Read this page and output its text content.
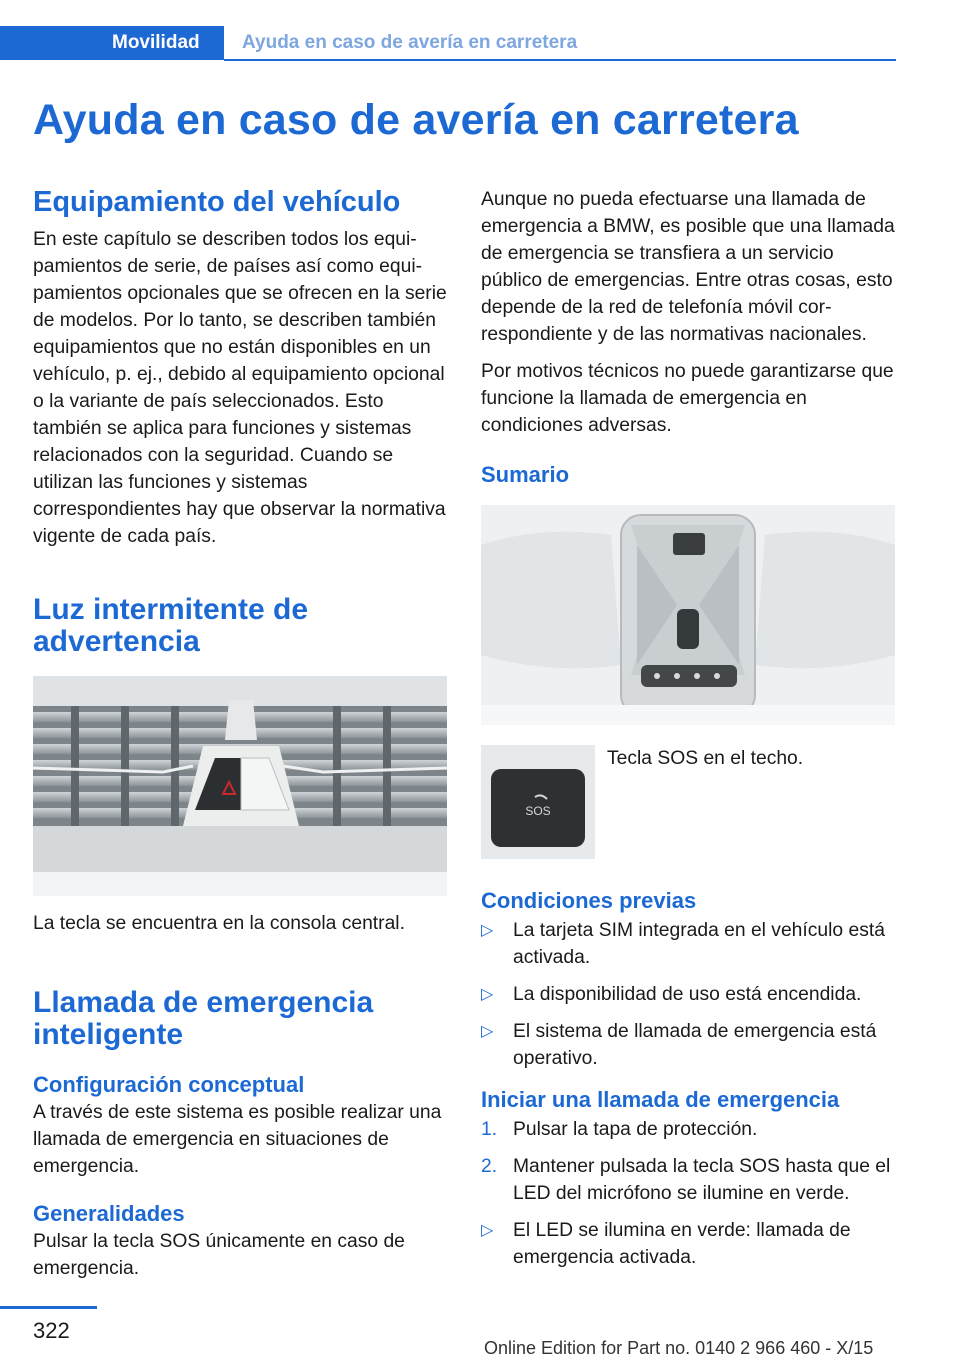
Movilidad	Ayuda en caso de avería en carretera
Ayuda en caso de avería en carretera
Equipamiento del vehículo

En este capítulo se describen todos los equipamientos de serie, de países así como equipamientos opcionales que se ofrecen en la serie de modelos. Por lo tanto, se describen también equipamientos que no están disponibles en un vehículo, p. ej., debido al equipamiento opcional o la variante de país seleccionados. Esto también se aplica para funciones y sistemas relacionados con la seguridad. Cuando se utilizan las funciones y sistemas correspondientes hay que observar la normativa vigente de cada país.

Luz intermitente de advertencia

La tecla se encuentra en la consola central.

Llamada de emergencia inteligente
Configuración conceptual

A través de este sistema es posible realizar una llamada de emergencia en situaciones de emergencia.

Generalidades

Pulsar la tecla SOS únicamente en caso de emergencia.

Aunque no pueda efectuarse una llamada de emergencia a BMW, es posible que una llamada de emergencia se transfiera a un servicio público de emergencias. Entre otras cosas, esto depende de la red de telefonía móvil correspondiente y de las normativas nacionales.

Por motivos técnicos no puede garantizarse que funcione la llamada de emergencia en condiciones adversas.

Sumario
SOS

Tecla SOS en el techo.

Condiciones previas
▷ La tarjeta SIM integrada en el vehículo está activada.
▷ La disponibilidad de uso está encendida.
▷ El sistema de llamada de emergencia está operativo.
Iniciar una llamada de emergencia
1. Pulsar la tapa de protección.
2. Mantener pulsada la tecla SOS hasta que el LED del micrófono se ilumine en verde.
▷ El LED se ilumina en verde: llamada de emergencia activada.
322
Online Edition for Part no. 0140 2 966 460 - X/15
